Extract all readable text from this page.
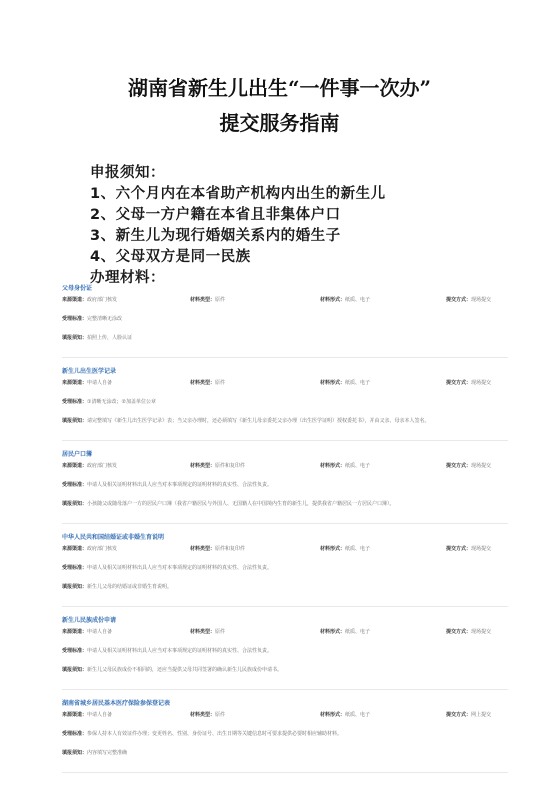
湖南省新生儿出生“一件事一次办”
提交服务指南
申报须知：
1、六个月内在本省助产机构内出生的新生儿
2、父母一方户籍在本省且非集体户口
3、新生儿为现行婚姻关系内的婚生子
4、父母双方是同一民族
办理材料：
父母身份证
来源渠道：政府部门核发	材料类型：原件	材料形式：纸质、电子	提交方式：现场提交
受理标准：完整清晰无涂改
填报须知：拍照上传，人脸认证
新生儿出生医学记录
来源渠道：申请人自备	材料类型：原件	材料形式：纸质、电子	提交方式：现场提交
受理标准：①清晰无涂改；②加盖单位公章
填报须知：请完整填写《新生儿出生医学记录》表；当父亲办理时，还必须填写《新生儿母亲委托父亲办理（出生医学证明）授权委托书》，并由父亲、母亲本人签名。
居民户口簿
来源渠道：政府部门核发	材料类型：原件和复印件	材料形式：纸质、电子	提交方式：现场提交
受理标准：申请人及相关证明材料出具人应当对本事项规定的证明材料的真实性、合法性负责。
填报须知：小孩随父或随母落户一方的居民户口簿（我省户籍居民与外国人、无国籍人在中国境内生育的新生儿，提供我省户籍居民一方居民户口簿）。
中华人民共和国结婚证或非婚生育说明
来源渠道：政府部门核发	材料类型：原件和复印件	材料形式：纸质、电子	提交方式：现场提交
受理标准：申请人及相关证明材料出具人应当对本事项规定的证明材料的真实性、合法性负责。
填报须知：新生儿父母的结婚证或非婚生育说明。
新生儿民族成份申请
来源渠道：申请人自备	材料类型：原件	材料形式：纸质、电子	提交方式：现场提交
受理标准：申请人及相关证明材料出具人应当对本事项规定的证明材料的真实性、合法性负责。
填报须知：新生儿父母民族成份不相同的，还应当提供父母共同签署的确认新生儿民族成份申请书。
湖南省城乡居民基本医疗保险参保登记表
来源渠道：申请人自备	材料类型：原件	材料形式：纸质、电子	提交方式：网上提交
受理标准：参保人持本人有效证件办理；变更姓名、性别、身份证号、出生日期等关键信息时可要求提供必要时相应辅助材料。
填报须知：内容填写完整准确
